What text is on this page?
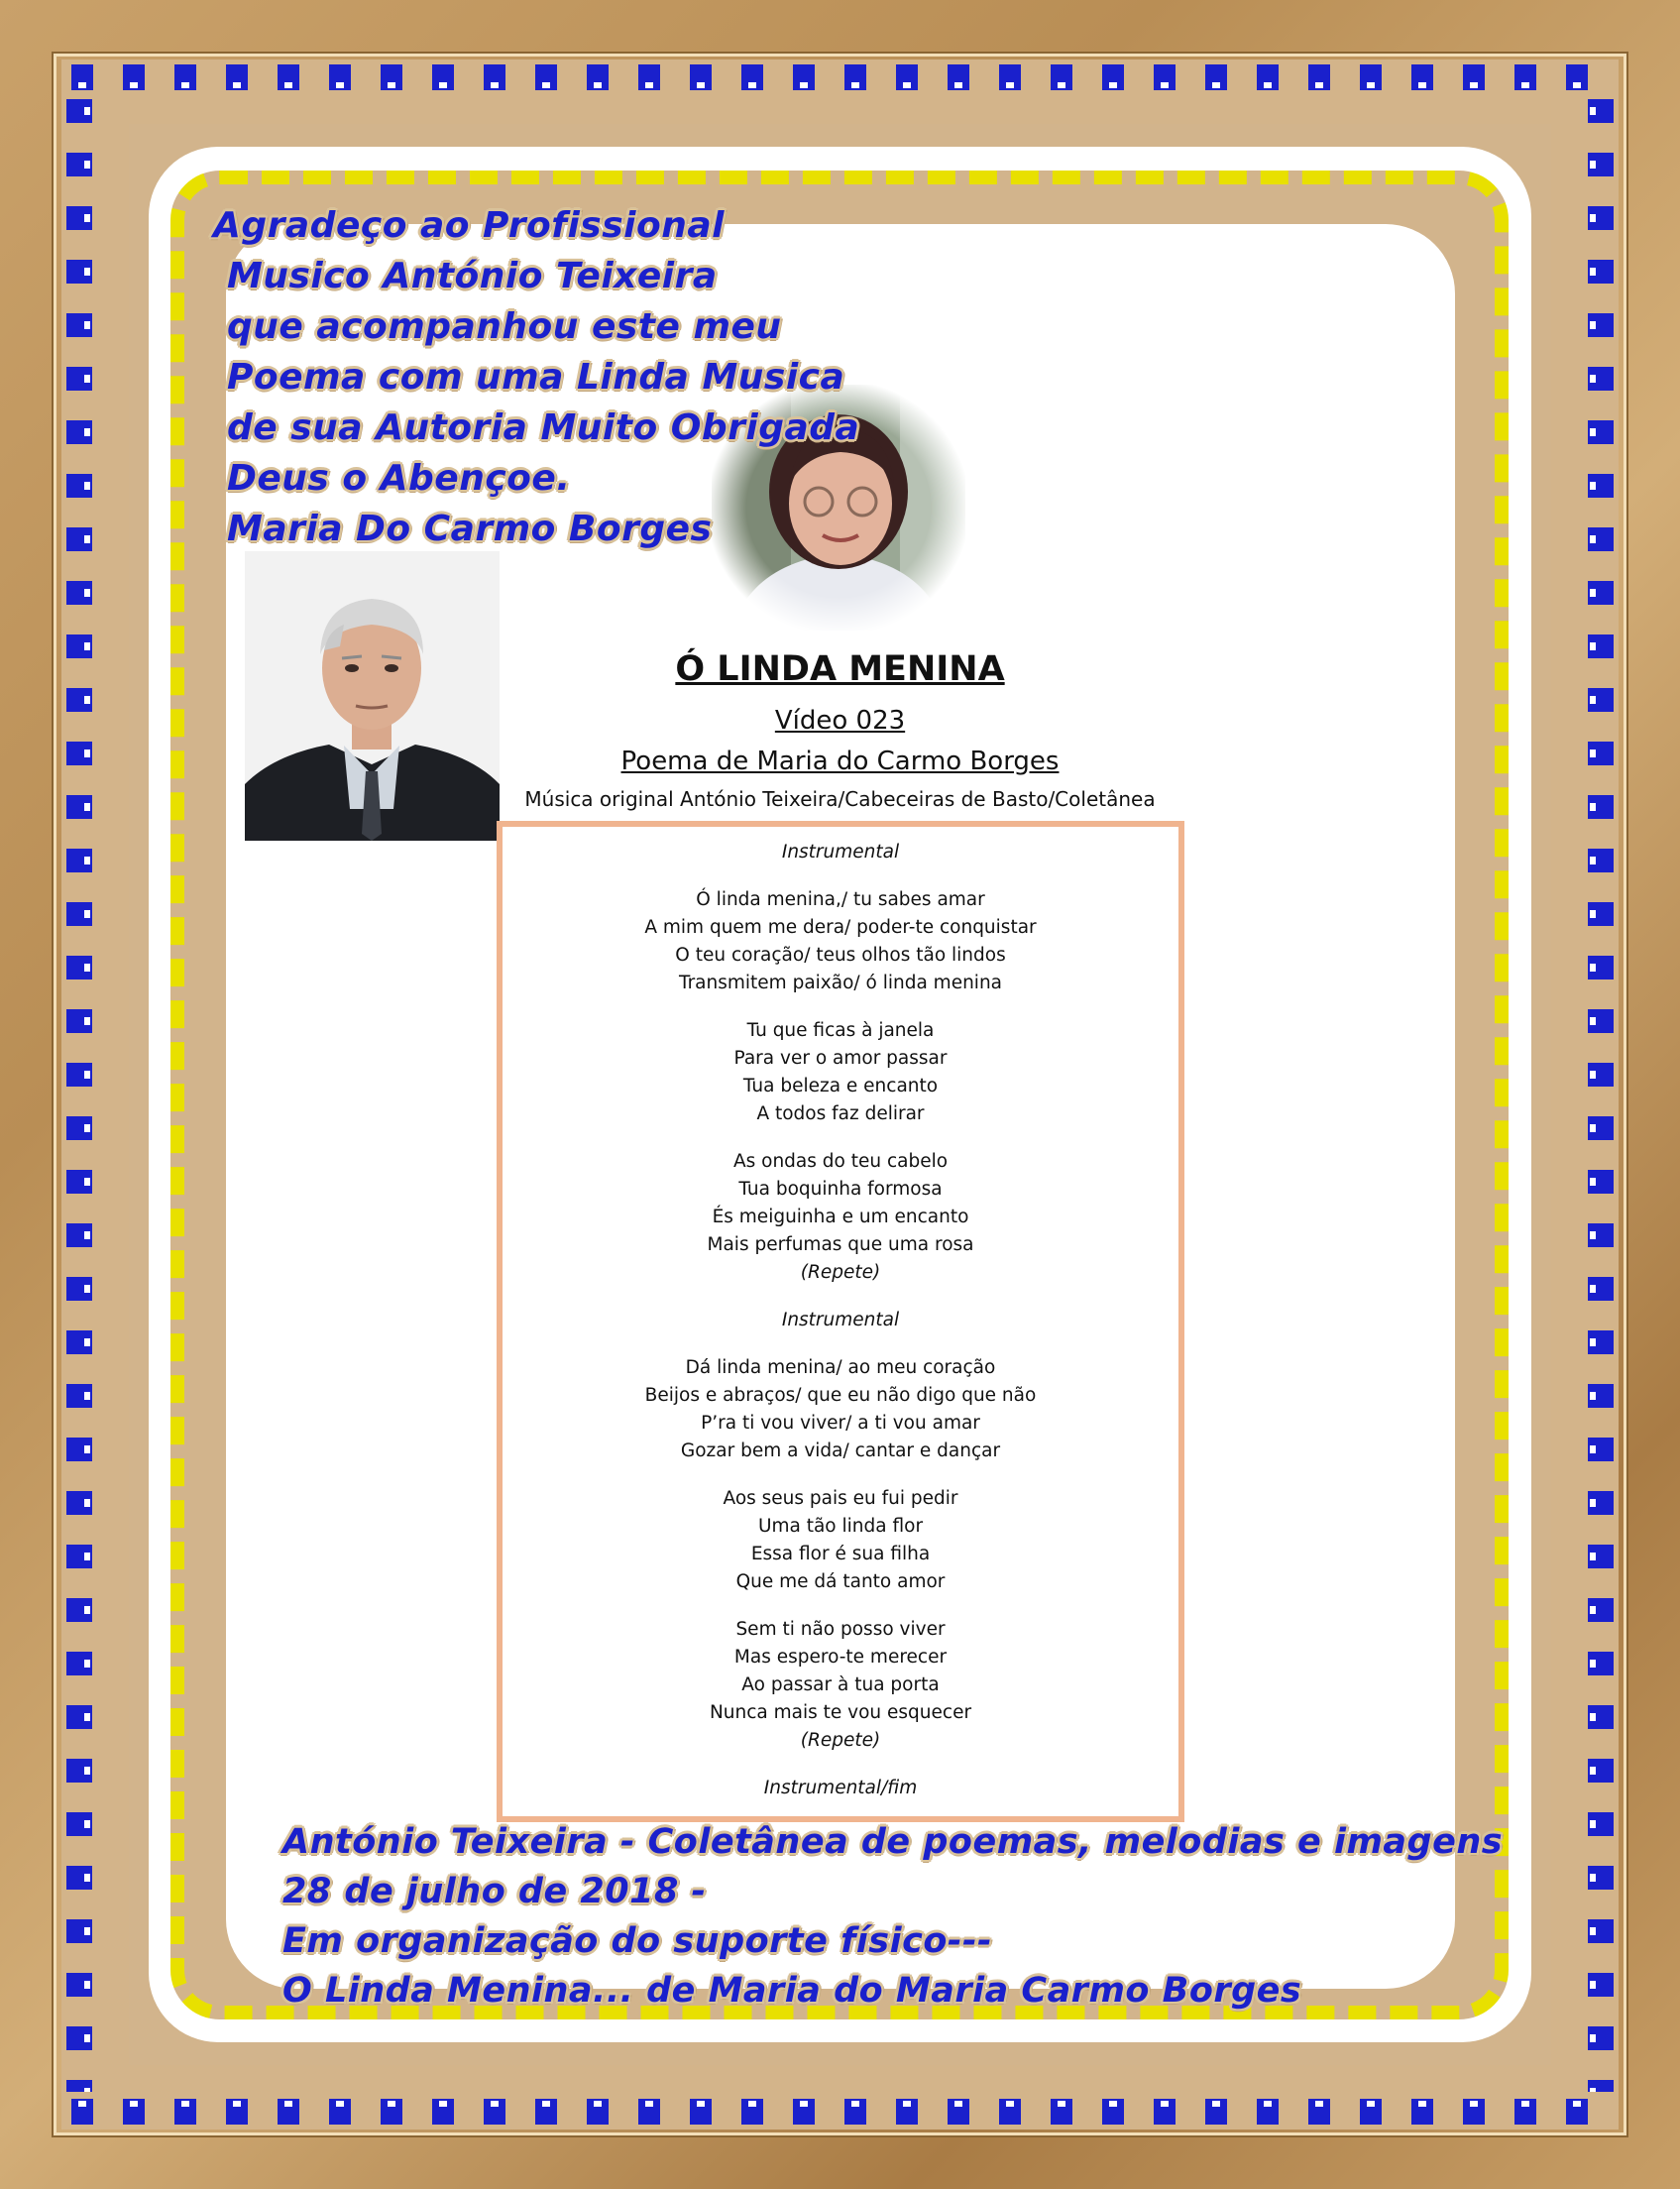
Agradeço ao Profissional
Musico António Teixeira
que acompanhou este meu
Poema com uma Linda Musica
de sua Autoria Muito Obrigada
Deus o Abençoe.
Maria Do Carmo Borges
Ó LINDA MENINA

Vídeo 023

Poema de Maria do Carmo Borges

Música original António Teixeira/Cabeceiras de Basto/Coletânea

Instrumental

Ó linda menina,/ tu sabes amar

A mim quem me dera/ poder-te conquistar

O teu coração/ teus olhos tão lindos

Transmitem paixão/ ó linda menina

Tu que ficas à janela

Para ver o amor passar

Tua beleza e encanto

A todos faz delirar

As ondas do teu cabelo

Tua boquinha formosa

És meiguinha e um encanto

Mais perfumas que uma rosa

(Repete)

Instrumental

Dá linda menina/ ao meu coração

Beijos e abraços/ que eu não digo que não

P’ra ti vou viver/ a ti vou amar

Gozar bem a vida/ cantar e dançar

Aos seus pais eu fui pedir

Uma tão linda flor

Essa flor é sua filha

Que me dá tanto amor

Sem ti não posso viver

Mas espero-te merecer

Ao passar à tua porta

Nunca mais te vou esquecer

(Repete)

Instrumental/fim

António Teixeira - Coletânea de poemas, melodias e imagens
28 de julho de 2018 -
Em organização do suporte físico---
O Linda Menina... de Maria do Maria Carmo Borges
